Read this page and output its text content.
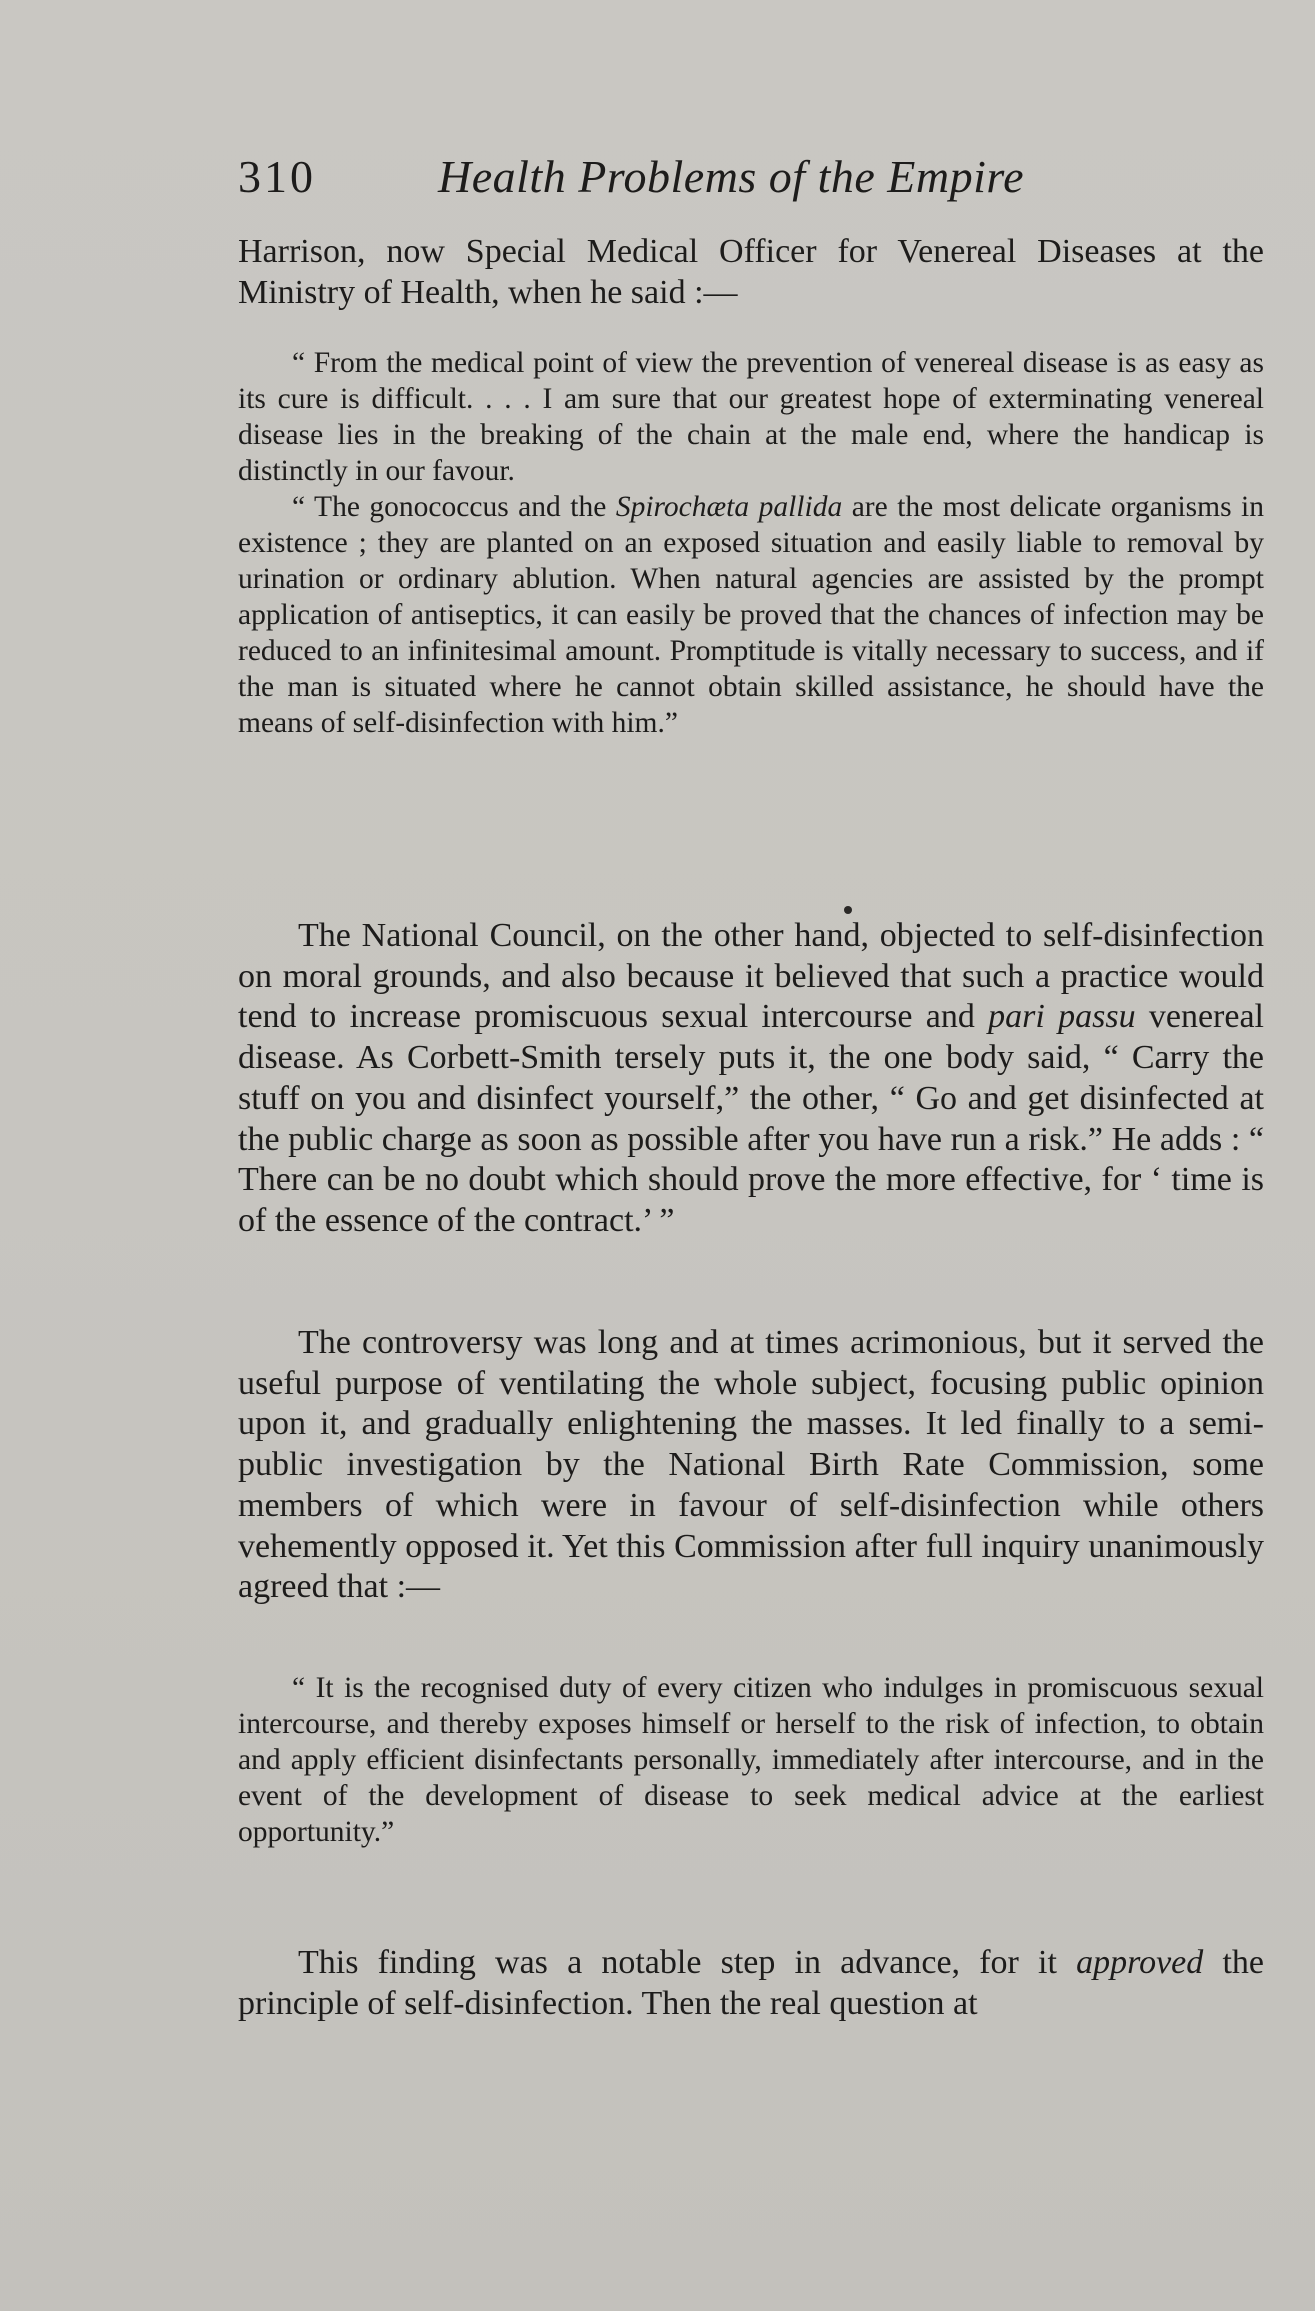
310	Health Problems of the Empire

Harrison, now Special Medical Officer for Venereal Diseases at the Ministry of Health, when he said :—

“ From the medical point of view the prevention of venereal disease is as easy as its cure is difficult. . . . I am sure that our greatest hope of exterminating venereal disease lies in the breaking of the chain at the male end, where the handicap is distinctly in our favour.

“ The gonococcus and the Spirochæta pallida are the most delicate organisms in existence ; they are planted on an exposed situation and easily liable to removal by urination or ordinary ablution. When natural agencies are assisted by the prompt application of antiseptics, it can easily be proved that the chances of infection may be reduced to an infinitesimal amount. Promptitude is vitally necessary to success, and if the man is situated where he cannot obtain skilled assistance, he should have the means of self-disinfection with him.”

The National Council, on the other hand, objected to self-disinfection on moral grounds, and also because it believed that such a practice would tend to increase promiscuous sexual intercourse and pari passu venereal disease. As Corbett-Smith tersely puts it, the one body said, “ Carry the stuff on you and disinfect yourself,” the other, “ Go and get disinfected at the public charge as soon as possible after you have run a risk.” He adds : “ There can be no doubt which should prove the more effective, for ‘ time is of the essence of the contract.’ ”

The controversy was long and at times acrimonious, but it served the useful purpose of ventilating the whole subject, focusing public opinion upon it, and gradually enlightening the masses. It led finally to a semi-public investigation by the National Birth Rate Commission, some members of which were in favour of self-disinfection while others vehemently opposed it. Yet this Commission after full inquiry unanimously agreed that :—

“ It is the recognised duty of every citizen who indulges in promiscuous sexual intercourse, and thereby exposes himself or herself to the risk of infection, to obtain and apply efficient disinfectants personally, immediately after intercourse, and in the event of the development of disease to seek medical advice at the earliest opportunity.”

This finding was a notable step in advance, for it approved the principle of self-disinfection. Then the real question at
